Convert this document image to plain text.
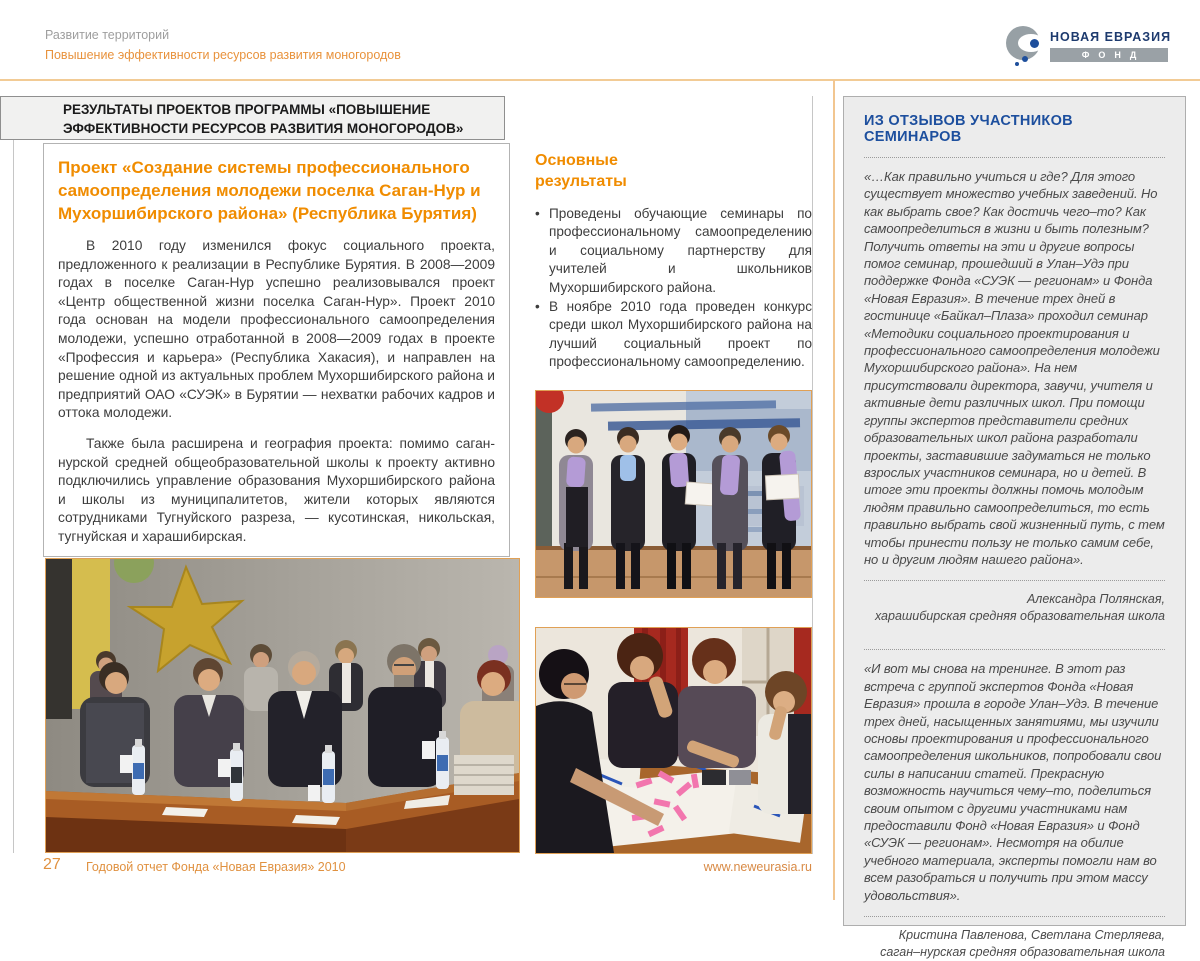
Развитие территорий
Повышение эффективности ресурсов развития моногородов
НОВАЯ ЕВРАЗИЯ
ФОНД
РЕЗУЛЬТАТЫ ПРОЕКТОВ ПРОГРАММЫ «ПОВЫШЕНИЕ ЭФФЕКТИВНОСТИ РЕСУРСОВ РАЗВИТИЯ МОНОГОРОДОВ»
Проект «Создание системы профессионального самоопределения молодежи поселка Саган-Нур и Мухоршибирского района» (Республика Бурятия)

В 2010 году изменился фокус социального проекта, предложенного к реализации в Республике Бурятия. В 2008—2009 годах в поселке Саган-Нур успешно реализовывался проект «Центр общественной жизни поселка Саган-Нур». Проект 2010 года основан на модели профессионального самоопределения молодежи, успешно отработанной в 2008—2009 годах в проекте «Профессия и карьера» (Республика Хакасия), и направлен на решение одной из актуальных проблем Мухоршибирского района и предприятий ОАО «СУЭК» в Бурятии — нехватки рабочих кадров и оттока молодежи.

Также была расширена и география проекта: помимо саган-нурской средней общеобразовательной школы к проекту активно подключились управление образования Мухоршибирского района и школы из муниципалитетов, жители которых являются сотрудниками Тугнуйского разреза, — кусотинская, никольская, тугнуйская и харашибирская.

Основные результаты
• Проведены обучающие семинары по профессиональному самоопределению и социальному партнерству для учителей и школьников Мухоршибирского района.
• В ноябре 2010 года проведен конкурс среди школ Мухоршибирского района на лучший социальный проект по профессиональному самоопределению.
ИЗ ОТЗЫВОВ УЧАСТНИКОВ СЕМИНАРОВ
«…Как правильно учиться и где? Для этого существует множество учебных заведений. Но как выбрать свое? Как достичь чего–то? Как самоопределиться в жизни и быть полезным? Получить ответы на эти и другие вопросы помог семинар, прошедший в Улан–Удэ при поддержке Фонда «СУЭК — регионам» и Фонда «Новая Евразия». В течение трех дней в гостинице «Байкал–Плаза» проходил семинар «Методики социального проектирования и профессионального самоопределения молодежи Мухоршибирского района». На нем присутствовали директора, завучи, учителя и активные дети различных школ. При помощи группы экспертов представители средних образовательных школ района разработали проекты, заставившие задуматься не только взрослых участников семинара, но и детей. В итоге эти проекты должны помочь молодым людям правильно самоопределиться, то есть правильно выбрать свой жизненный путь, с тем чтобы принести пользу не только самим себе, но и другим людям нашего района».
Александра Полянская,
харашибирская средняя образовательная школа
«И вот мы снова на тренинге. В этот раз встреча с группой экспертов Фонда «Новая Евразия» прошла в городе Улан–Удэ. В течение трех дней, насыщенных занятиями, мы изучили основы проектирования и профессионального самоопределения школьников, попробовали свои силы в написании статей. Прекрасную возможность научиться чему–то, поделиться своим опытом с другими участниками нам предоставили Фонд «Новая Евразия» и Фонд «СУЭК — регионам». Несмотря на обилие учебного материала, эксперты помогли нам во всем разобраться и получить при этом массу удовольствия».
Кристина Павленова, Светлана Стерляева,
саган–нурская средняя образовательная школа
27 Годовой отчет Фонда «Новая Евразия» 2010	www.neweurasia.ru
